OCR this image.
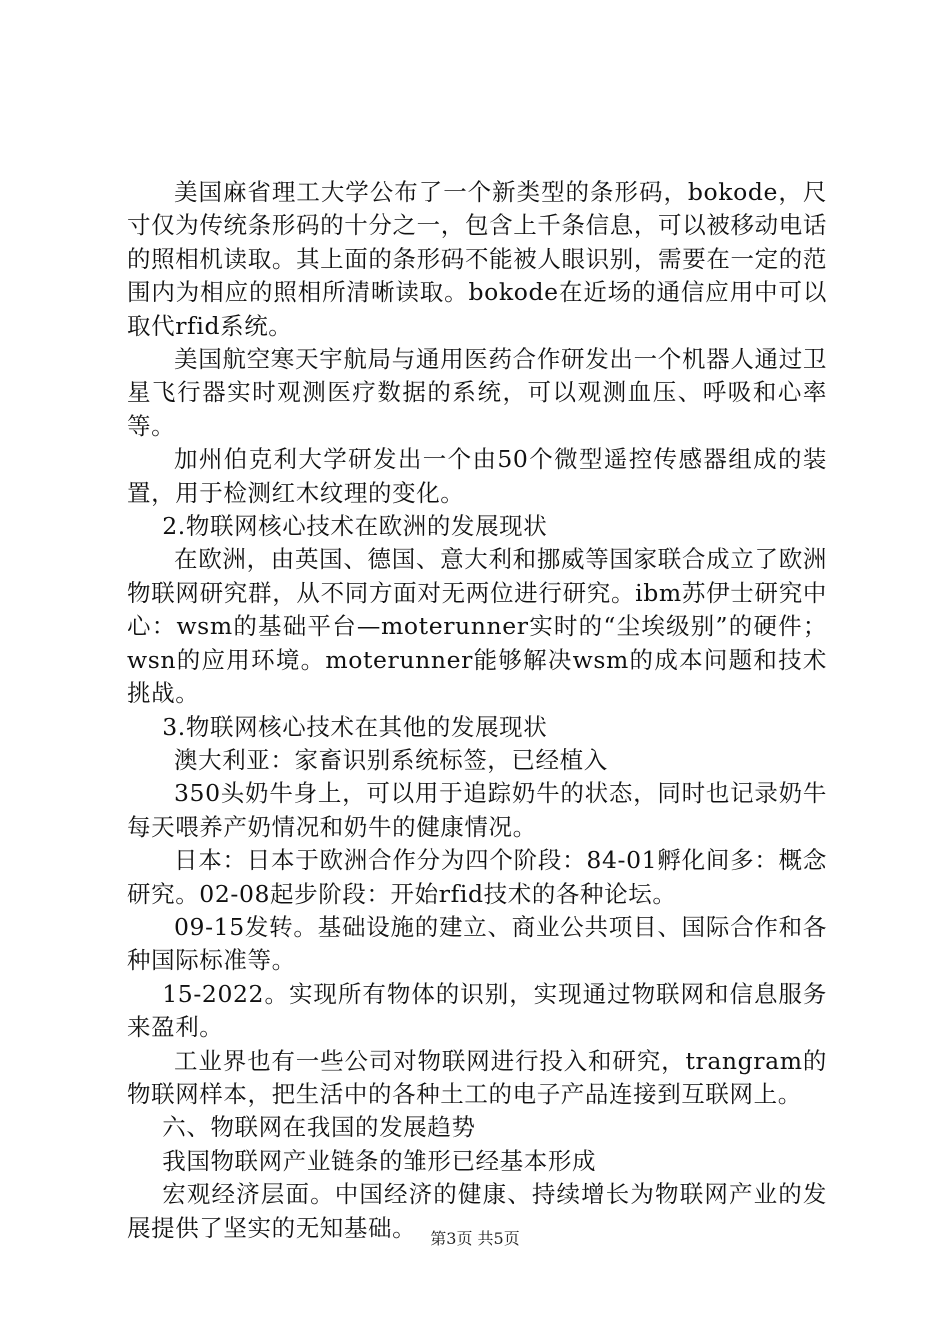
美国麻省理工大学公布了一个新类型的条形码，bokode，尺寸仅为传统条形码的十分之一，包含上千条信息，可以被移动电话的照相机读取。其上面的条形码不能被人眼识别，需要在一定的范围内为相应的照相所清晰读取。bokode在近场的通信应用中可以取代rfid系统。

美国航空寒天宇航局与通用医药合作研发出一个机器人通过卫星飞行器实时观测医疗数据的系统，可以观测血压、呼吸和心率等。

加州伯克利大学研发出一个由50个微型遥控传感器组成的装置，用于检测红木纹理的变化。

2.物联网核心技术在欧洲的发展现状

在欧洲，由英国、德国、意大利和挪威等国家联合成立了欧洲物联网研究群，从不同方面对无两位进行研究。ibm苏伊士研究中心：wsm的基础平台—moterunner实时的“尘埃级别”的硬件；wsn的应用环境。moterunner能够解决wsm的成本问题和技术挑战。

3.物联网核心技术在其他的发展现状

澳大利亚：家畜识别系统标签，已经植入

350头奶牛身上，可以用于追踪奶牛的状态，同时也记录奶牛每天喂养产奶情况和奶牛的健康情况。

日本：日本于欧洲合作分为四个阶段：84-01孵化间多：概念研究。02-08起步阶段：开始rfid技术的各种论坛。

09-15发转。基础设施的建立、商业公共项目、国际合作和各种国际标准等。

15-2022。实现所有物体的识别，实现通过物联网和信息服务来盈利。

工业界也有一些公司对物联网进行投入和研究，trangram的物联网样本，把生活中的各种土工的电子产品连接到互联网上。

六、物联网在我国的发展趋势

我国物联网产业链条的雏形已经基本形成

宏观经济层面。中国经济的健康、持续增长为物联网产业的发展提供了坚实的无知基础。 第3页 共5页
